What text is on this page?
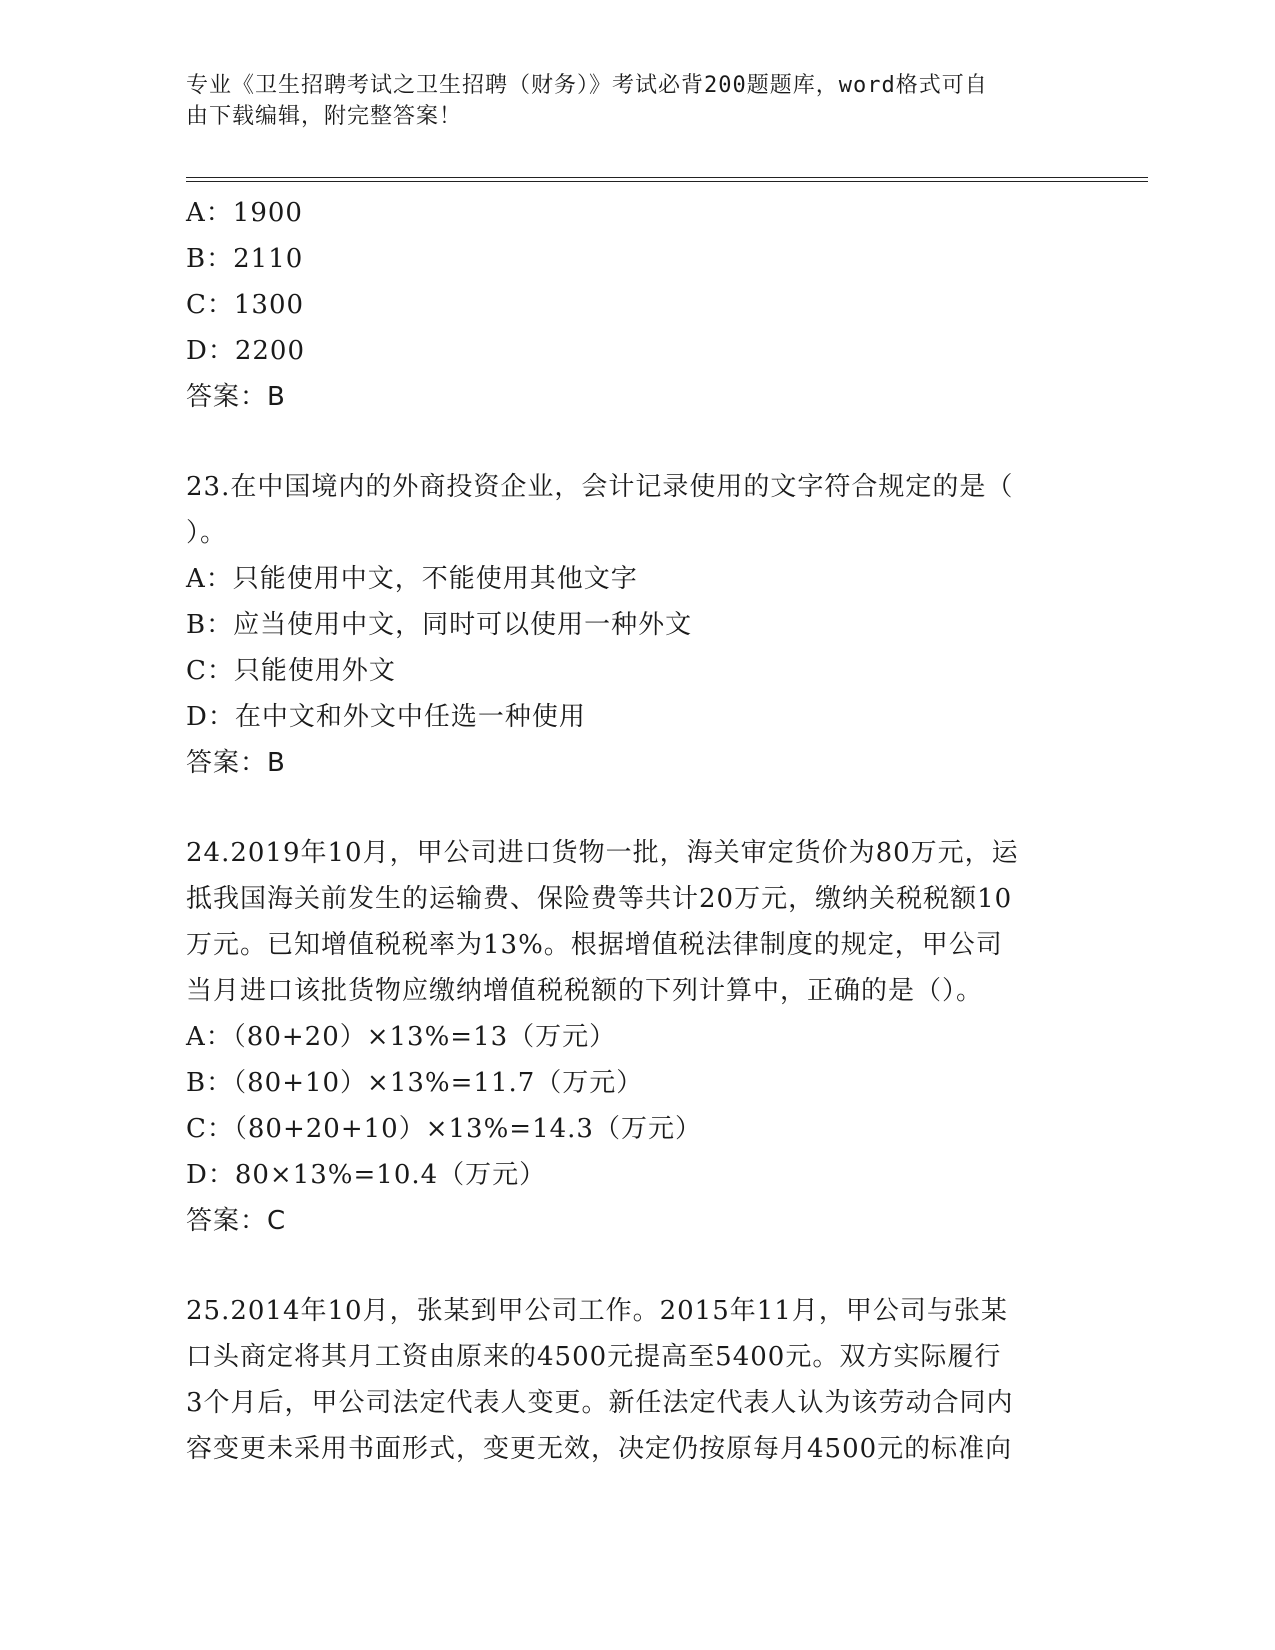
专业《卫生招聘考试之卫生招聘（财务）》考试必背200题题库，word格式可自
由下载编辑，附完整答案！
A：1900
B：2110
C：1300
D：2200
答案：B
23.在中国境内的外商投资企业，会计记录使用的文字符合规定的是（
）。
A：只能使用中文，不能使用其他文字
B：应当使用中文，同时可以使用一种外文
C：只能使用外文
D：在中文和外文中任选一种使用
答案：B
24.2019年10月，甲公司进口货物一批，海关审定货价为80万元，运
抵我国海关前发生的运输费、保险费等共计20万元，缴纳关税税额10
万元。已知增值税税率为13%。根据增值税法律制度的规定，甲公司
当月进口该批货物应缴纳增值税税额的下列计算中，正确的是（）。
A：（80+20）×13%=13（万元）
B：（80+10）×13%=11.7（万元）
C：（80+20+10）×13%=14.3（万元）
D：80×13%=10.4（万元）
答案：C
25.2014年10月，张某到甲公司工作。2015年11月，甲公司与张某
口头商定将其月工资由原来的4500元提高至5400元。双方实际履行
3个月后，甲公司法定代表人变更。新任法定代表人认为该劳动合同内
容变更未采用书面形式，变更无效，决定仍按原每月4500元的标准向
